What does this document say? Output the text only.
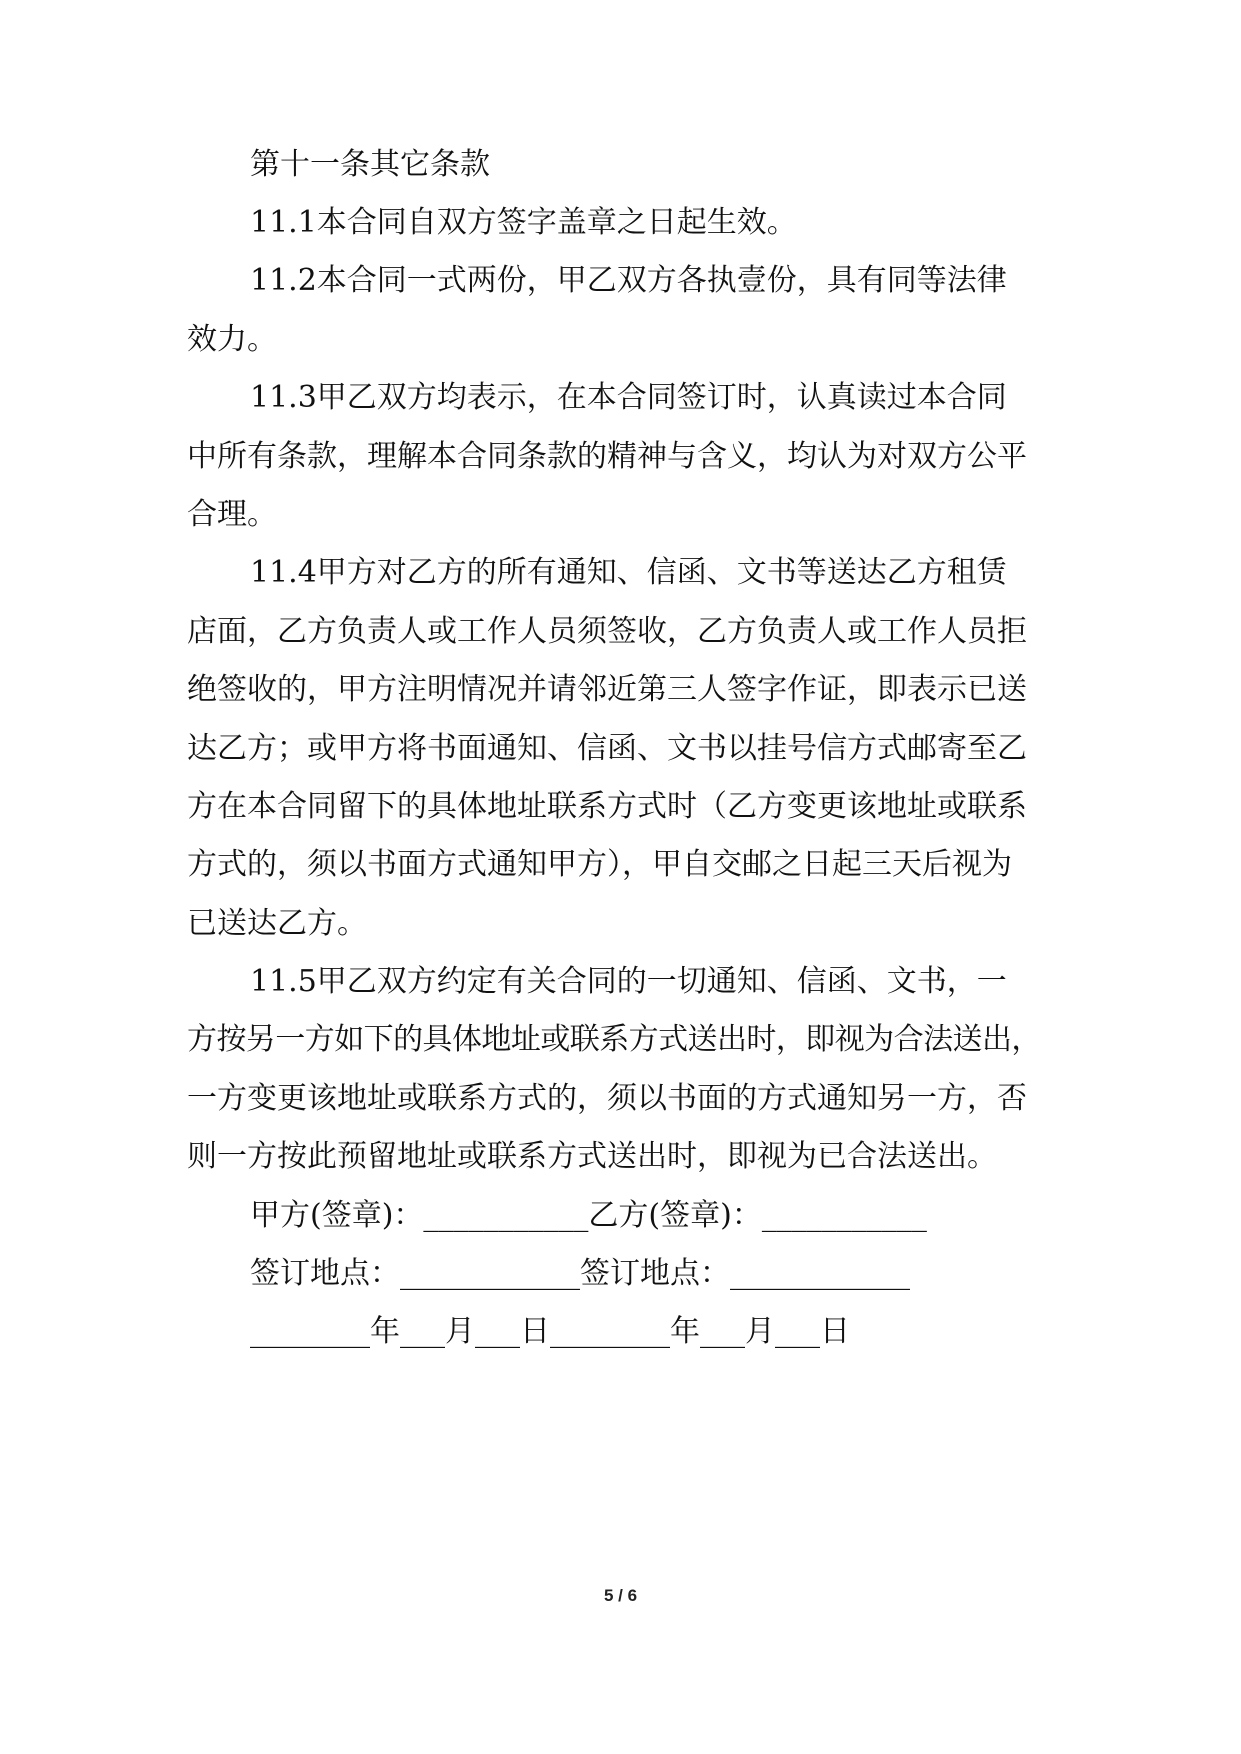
第十一条其它条款
11.1本合同自双方签字盖章之日起生效。
11.2本合同一式两份，甲乙双方各执壹份，具有同等法律
效力。
11.3甲乙双方均表示，在本合同签订时，认真读过本合同
中所有条款，理解本合同条款的精神与含义，均认为对双方公平
合理。
11.4甲方对乙方的所有通知、信函、文书等送达乙方租赁
店面，乙方负责人或工作人员须签收，乙方负责人或工作人员拒
绝签收的，甲方注明情况并请邻近第三人签字作证，即表示已送
达乙方；或甲方将书面通知、信函、文书以挂号信方式邮寄至乙
方在本合同留下的具体地址联系方式时（乙方变更该地址或联系
方式的，须以书面方式通知甲方），甲自交邮之日起三天后视为
已送达乙方。
11.5甲乙双方约定有关合同的一切通知、信函、文书，一
方按另一方如下的具体地址或联系方式送出时，即视为合法送出，
一方变更该地址或联系方式的，须以书面的方式通知另一方，否
则一方按此预留地址或联系方式送出时，即视为已合法送出。
甲方(签章)：___________乙方(签章)：___________
签订地点：____________签订地点：____________
________年___月___日________年___月___日
5 / 6
